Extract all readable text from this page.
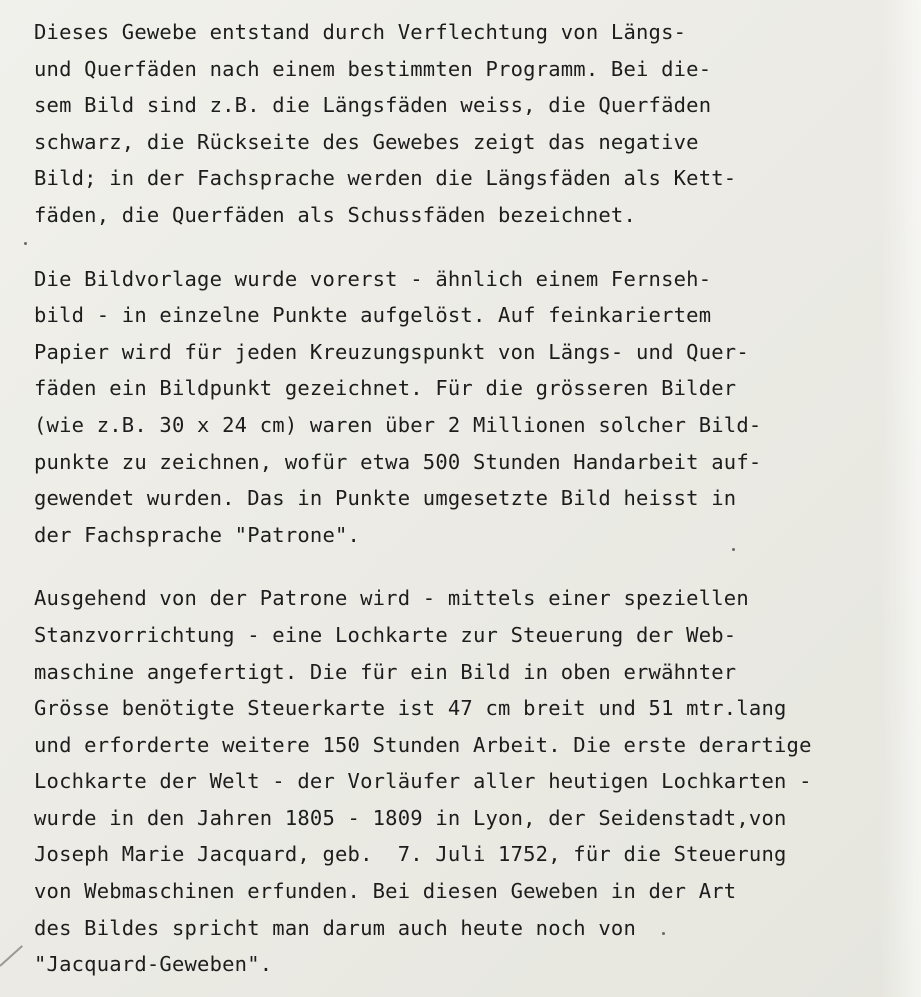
Dieses Gewebe entstand durch Verflechtung von Längs-
und Querfäden nach einem bestimmten Programm. Bei die-
sem Bild sind z.B. die Längsfäden weiss, die Querfäden
schwarz, die Rückseite des Gewebes zeigt das negative
Bild; in der Fachsprache werden die Längsfäden als Kett-
fäden, die Querfäden als Schussfäden bezeichnet.
Die Bildvorlage wurde vorerst - ähnlich einem Fernseh-
bild - in einzelne Punkte aufgelöst. Auf feinkariertem
Papier wird für jeden Kreuzungspunkt von Längs- und Quer-
fäden ein Bildpunkt gezeichnet. Für die grösseren Bilder
(wie z.B. 30 x 24 cm) waren über 2 Millionen solcher Bild-
punkte zu zeichnen, wofür etwa 500 Stunden Handarbeit auf-
gewendet wurden. Das in Punkte umgesetzte Bild heisst in
der Fachsprache "Patrone".
Ausgehend von der Patrone wird - mittels einer speziellen
Stanzvorrichtung - eine Lochkarte zur Steuerung der Web-
maschine angefertigt. Die für ein Bild in oben erwähnter
Grösse benötigte Steuerkarte ist 47 cm breit und 51 mtr.lang
und erforderte weitere 150 Stunden Arbeit. Die erste derartige
Lochkarte der Welt - der Vorläufer aller heutigen Lochkarten -
wurde in den Jahren 1805 - 1809 in Lyon, der Seidenstadt,von
Joseph Marie Jacquard, geb.  7. Juli 1752, für die Steuerung
von Webmaschinen erfunden. Bei diesen Geweben in der Art
des Bildes spricht man darum auch heute noch von
"Jacquard-Geweben".
